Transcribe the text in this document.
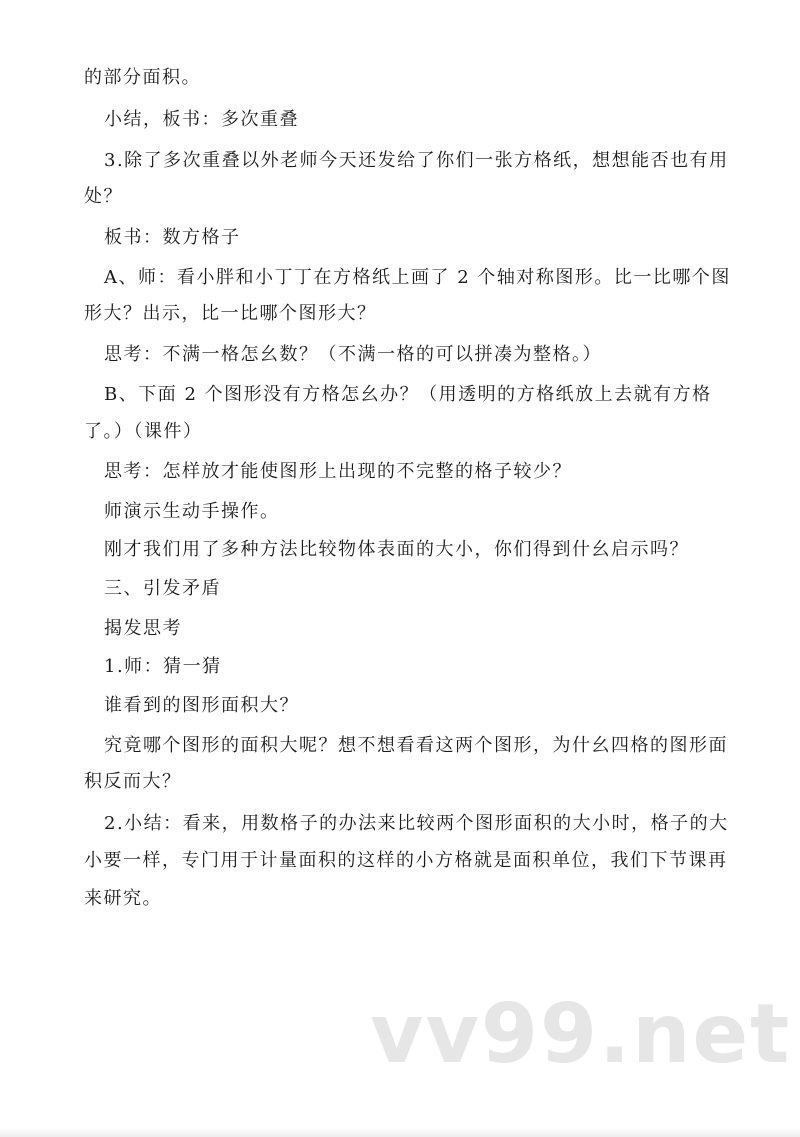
的部分面积。
小结，板书：多次重叠
3.除了多次重叠以外老师今天还发给了你们一张方格纸，想想能否也有用
处？
板书：数方格子
A、师：看小胖和小丁丁在方格纸上画了 2 个轴对称图形。比一比哪个图
形大？出示，比一比哪个图形大？
思考：不满一格怎幺数？（不满一格的可以拼凑为整格。）
B、下面 2 个图形没有方格怎幺办？（用透明的方格纸放上去就有方格
了。）（课件）
思考：怎样放才能使图形上出现的不完整的格子较少？
师演示生动手操作。
刚才我们用了多种方法比较物体表面的大小，你们得到什幺启示吗？
三、引发矛盾
揭发思考
1.师：猜一猜
谁看到的图形面积大？
究竟哪个图形的面积大呢？想不想看看这两个图形，为什幺四格的图形面
积反而大？
2.小结：看来，用数格子的办法来比较两个图形面积的大小时，格子的大
小要一样，专门用于计量面积的这样的小方格就是面积单位，我们下节课再
来研究。
vv99.net
